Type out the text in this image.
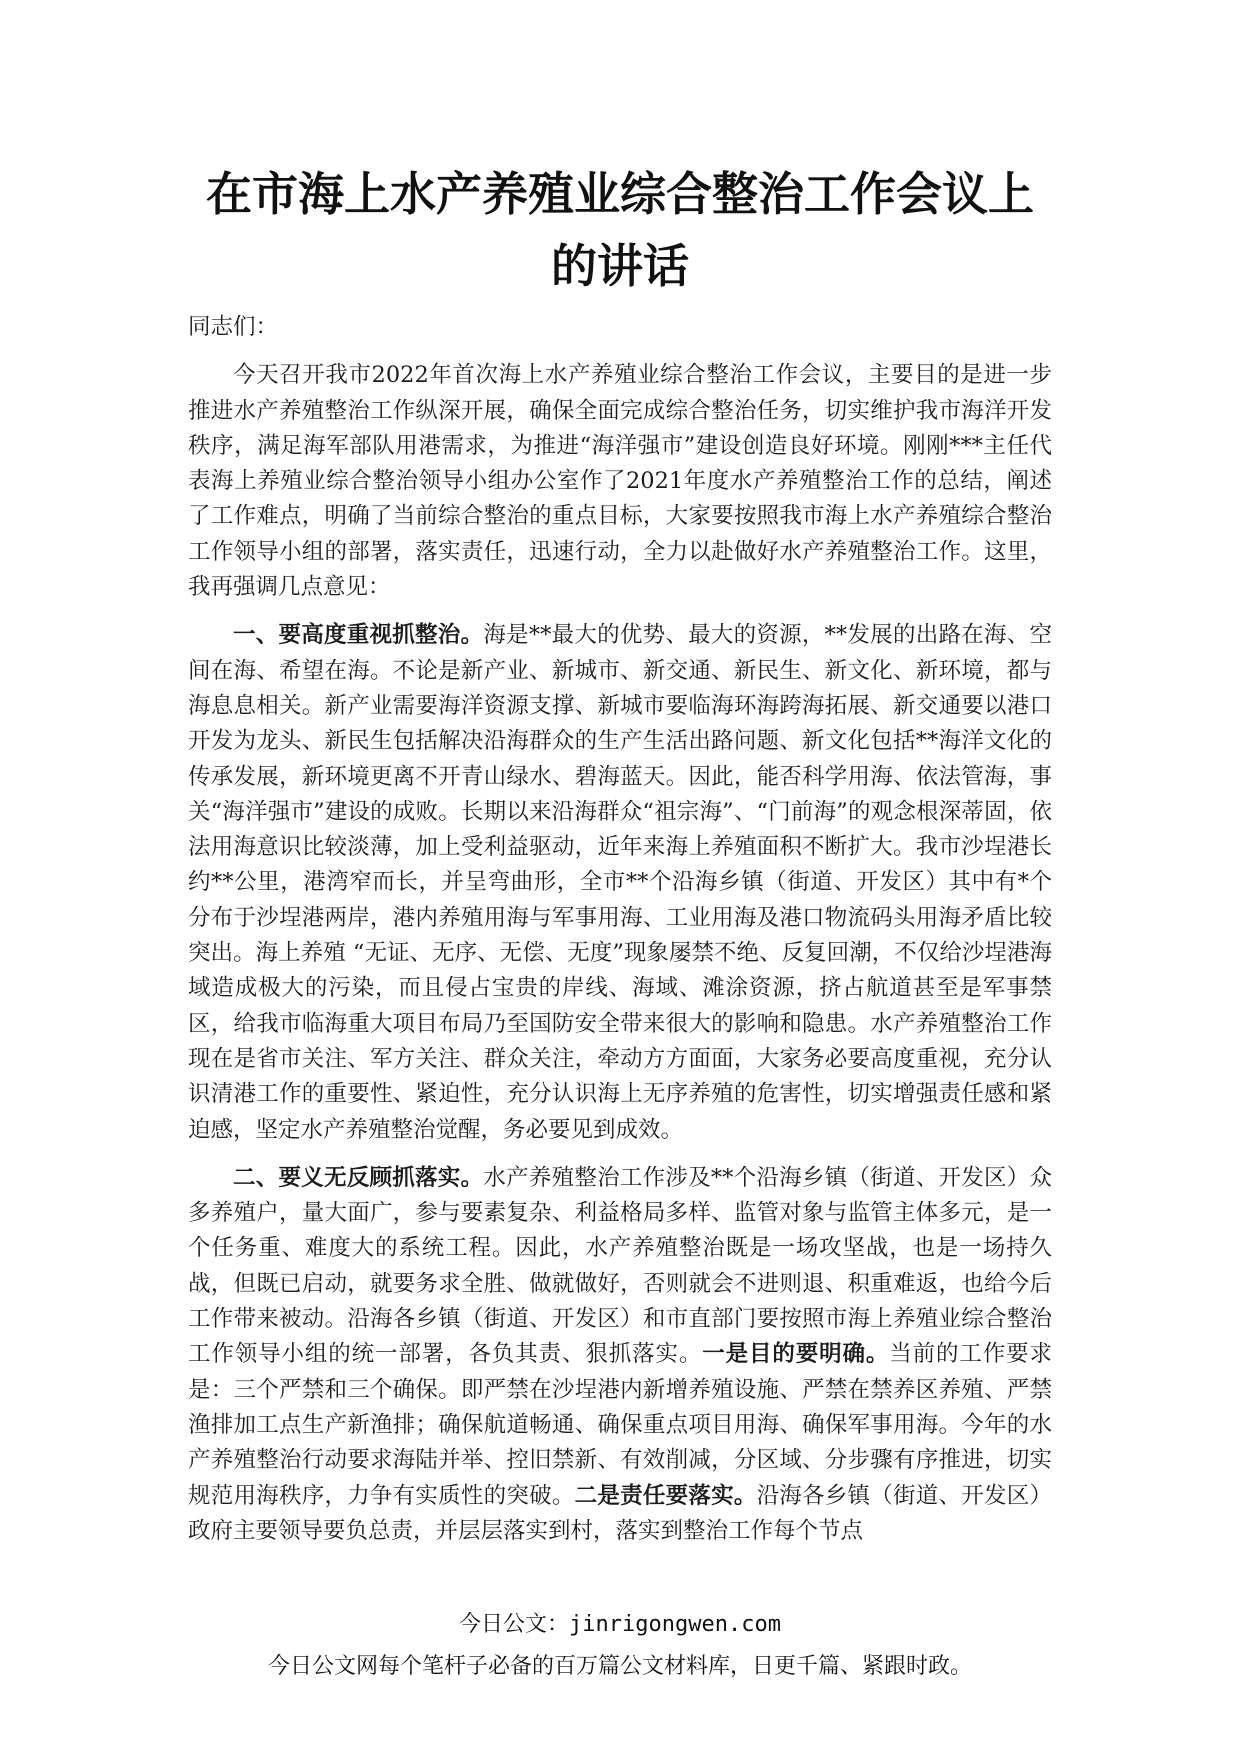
在市海上水产养殖业综合整治工作会议上
的讲话

同志们：

今天召开我市2022年首次海上水产养殖业综合整治工作会议，主要目的是进一步推进水产养殖整治工作纵深开展，确保全面完成综合整治任务，切实维护我市海洋开发秩序，满足海军部队用港需求，为推进“海洋强市”建设创造良好环境。刚刚***主任代表海上养殖业综合整治领导小组办公室作了2021年度水产养殖整治工作的总结，阐述了工作难点，明确了当前综合整治的重点目标，大家要按照我市海上水产养殖综合整治工作领导小组的部署，落实责任，迅速行动，全力以赴做好水产养殖整治工作。这里，我再强调几点意见：

一、要高度重视抓整治。海是**最大的优势、最大的资源，**发展的出路在海、空间在海、希望在海。不论是新产业、新城市、新交通、新民生、新文化、新环境，都与海息息相关。新产业需要海洋资源支撑、新城市要临海环海跨海拓展、新交通要以港口开发为龙头、新民生包括解决沿海群众的生产生活出路问题、新文化包括**海洋文化的传承发展，新环境更离不开青山绿水、碧海蓝天。因此，能否科学用海、依法管海，事关“海洋强市”建设的成败。长期以来沿海群众“祖宗海”、“门前海”的观念根深蒂固，依法用海意识比较淡薄，加上受利益驱动，近年来海上养殖面积不断扩大。我市沙埕港长约**公里，港湾窄而长，并呈弯曲形，全市**个沿海乡镇（街道、开发区）其中有*个分布于沙埕港两岸，港内养殖用海与军事用海、工业用海及港口物流码头用海矛盾比较突出。海上养殖 “无证、无序、无偿、无度”现象屡禁不绝、反复回潮，不仅给沙埕港海域造成极大的污染，而且侵占宝贵的岸线、海域、滩涂资源，挤占航道甚至是军事禁区，给我市临海重大项目布局乃至国防安全带来很大的影响和隐患。水产养殖整治工作现在是省市关注、军方关注、群众关注，牵动方方面面，大家务必要高度重视，充分认识清港工作的重要性、紧迫性，充分认识海上无序养殖的危害性，切实增强责任感和紧迫感，坚定水产养殖整治觉醒，务必要见到成效。

二、要义无反顾抓落实。水产养殖整治工作涉及**个沿海乡镇（街道、开发区）众多养殖户，量大面广，参与要素复杂、利益格局多样、监管对象与监管主体多元，是一个任务重、难度大的系统工程。因此，水产养殖整治既是一场攻坚战，也是一场持久战，但既已启动，就要务求全胜、做就做好，否则就会不进则退、积重难返，也给今后工作带来被动。沿海各乡镇（街道、开发区）和市直部门要按照市海上养殖业综合整治工作领导小组的统一部署，各负其责、狠抓落实。一是目的要明确。当前的工作要求是：三个严禁和三个确保。即严禁在沙埕港内新增养殖设施、严禁在禁养区养殖、严禁渔排加工点生产新渔排；确保航道畅通、确保重点项目用海、确保军事用海。今年的水产养殖整治行动要求海陆并举、控旧禁新、有效削减，分区域、分步骤有序推进，切实规范用海秩序，力争有实质性的突破。二是责任要落实。沿海各乡镇（街道、开发区）政府主要领导要负总责，并层层落实到村，落实到整治工作每个节点

今日公文：jinrigongwen.com
今日公文网每个笔杆子必备的百万篇公文材料库，日更千篇、紧跟时政。
